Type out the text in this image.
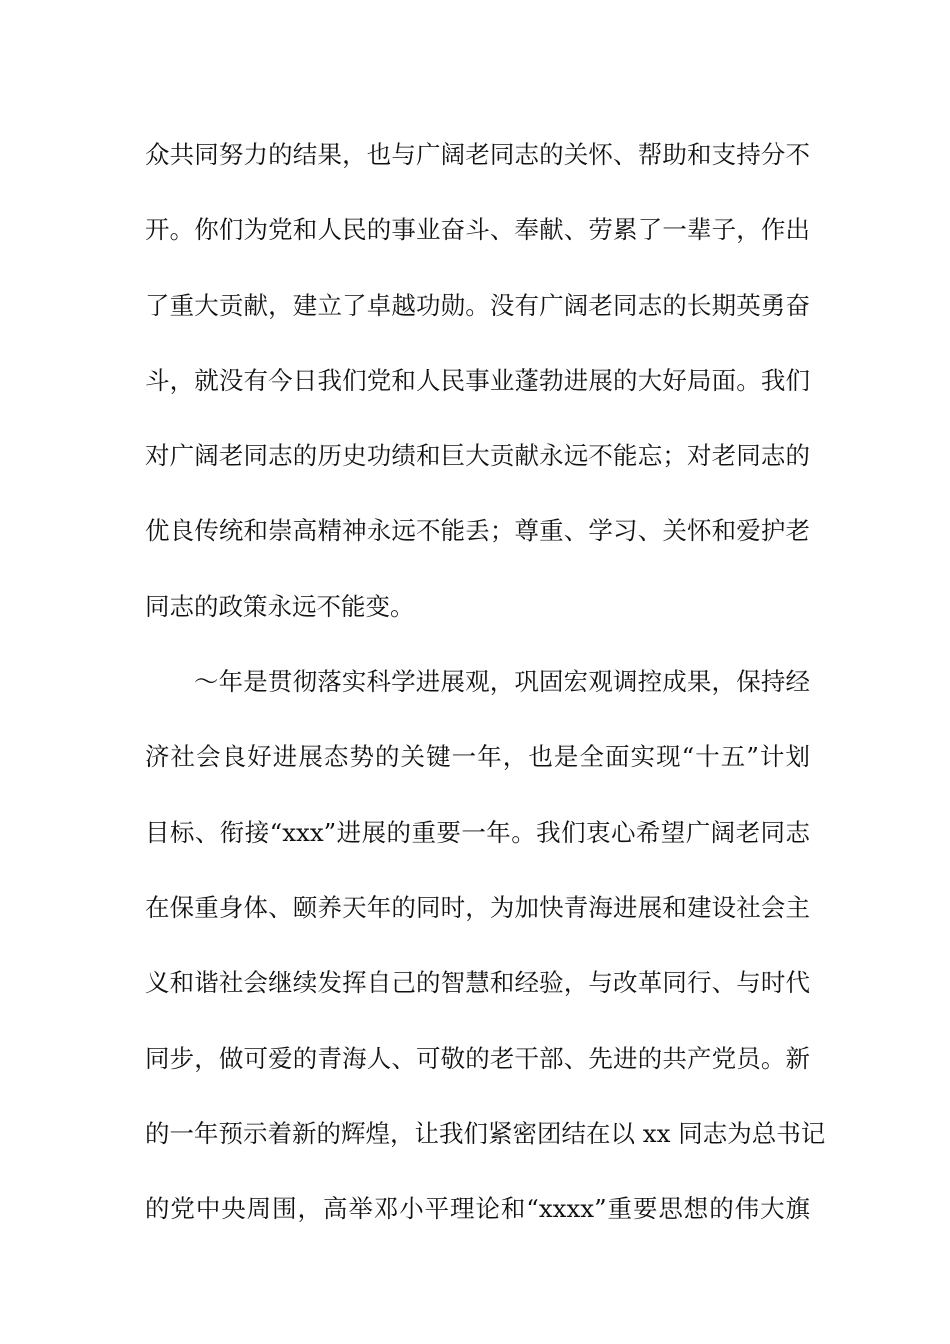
众共同努力的结果，也与广阔老同志的关怀、帮助和支持分不
开。你们为党和人民的事业奋斗、奉献、劳累了一辈子，作出
了重大贡献，建立了卓越功勋。没有广阔老同志的长期英勇奋
斗，就没有今日我们党和人民事业蓬勃进展的大好局面。我们
对广阔老同志的历史功绩和巨大贡献永远不能忘；对老同志的
优良传统和崇高精神永远不能丢；尊重、学习、关怀和爱护老
同志的政策永远不能变。
～年是贯彻落实科学进展观，巩固宏观调控成果，保持经
济社会良好进展态势的关键一年，也是全面实现“十五”计划
目标、衔接“xxx”进展的重要一年。我们衷心希望广阔老同志
在保重身体、颐养天年的同时，为加快青海进展和建设社会主
义和谐社会继续发挥自己的智慧和经验，与改革同行、与时代
同步，做可爱的青海人、可敬的老干部、先进的共产党员。新
的一年预示着新的辉煌，让我们紧密团结在以 xx 同志为总书记
的党中央周围，高举邓小平理论和“xxxx”重要思想的伟大旗
